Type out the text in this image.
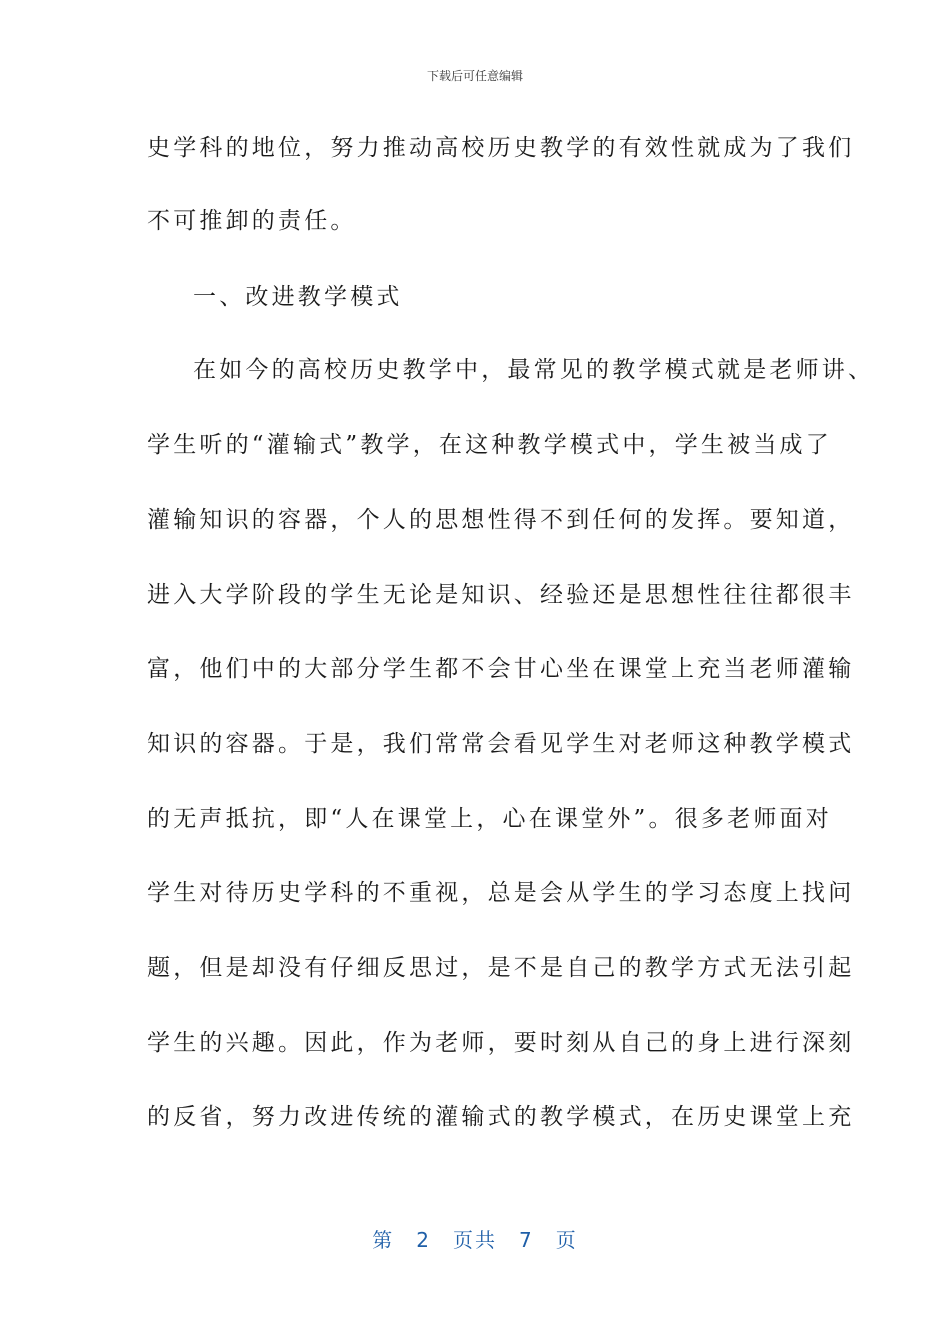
下载后可任意编辑
史学科的地位，努力推动高校历史教学的有效性就成为了我们
不可推卸的责任。
一、改进教学模式
在如今的高校历史教学中，最常见的教学模式就是老师讲、
学生听的“灌输式”教学，在这种教学模式中，学生被当成了
灌输知识的容器，个人的思想性得不到任何的发挥。要知道，
进入大学阶段的学生无论是知识、经验还是思想性往往都很丰
富，他们中的大部分学生都不会甘心坐在课堂上充当老师灌输
知识的容器。于是，我们常常会看见学生对老师这种教学模式
的无声抵抗，即“人在课堂上，心在课堂外”。很多老师面对
学生对待历史学科的不重视，总是会从学生的学习态度上找问
题，但是却没有仔细反思过，是不是自己的教学方式无法引起
学生的兴趣。因此，作为老师，要时刻从自己的身上进行深刻
的反省，努力改进传统的灌输式的教学模式，在历史课堂上充
第 2 页共 7 页
